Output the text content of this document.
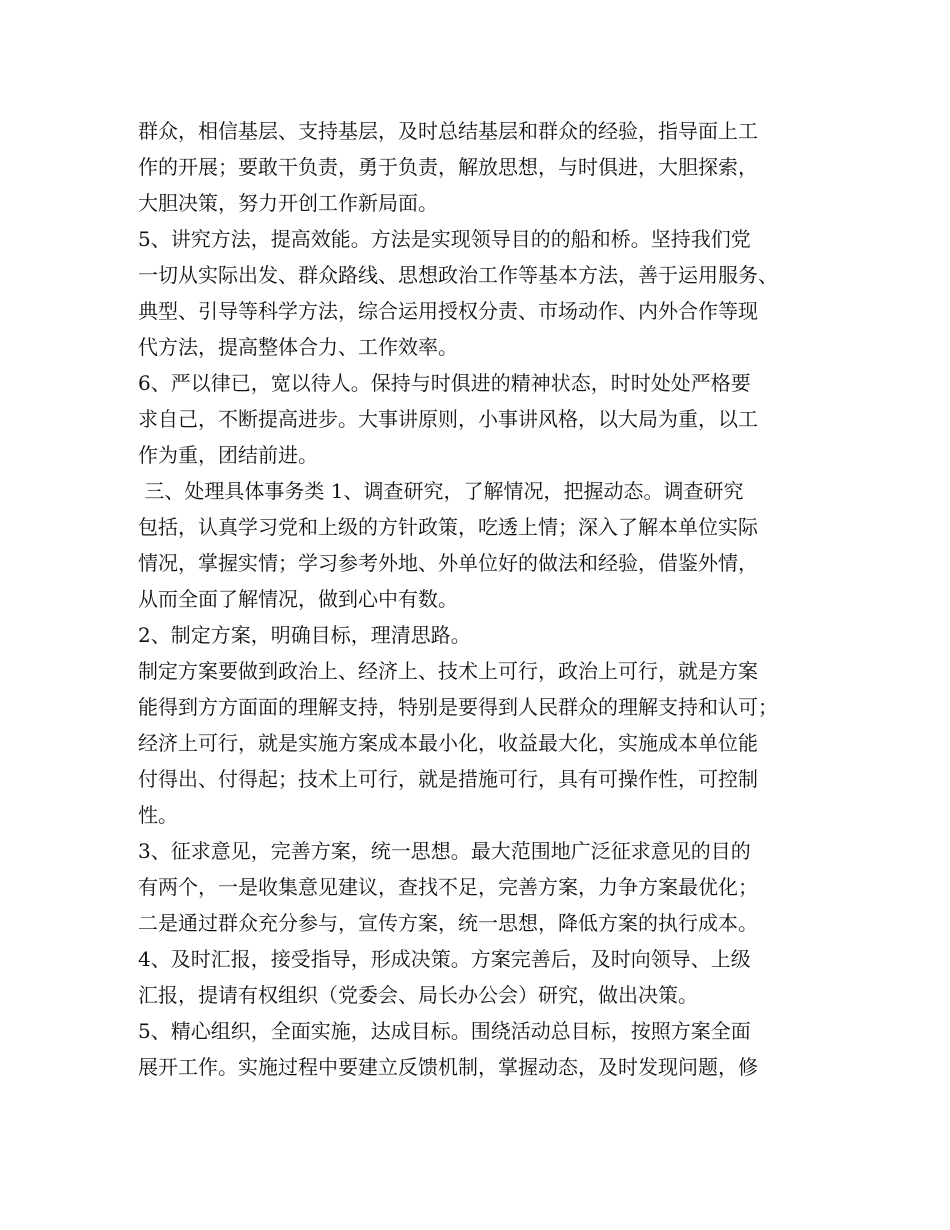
群众，相信基层、支持基层，及时总结基层和群众的经验，指导面上工
作的开展；要敢干负责，勇于负责，解放思想，与时俱进，大胆探索，
大胆决策，努力开创工作新局面。
5、讲究方法，提高效能。方法是实现领导目的的船和桥。坚持我们党
一切从实际出发、群众路线、思想政治工作等基本方法，善于运用服务、
典型、引导等科学方法，综合运用授权分责、市场动作、内外合作等现
代方法，提高整体合力、工作效率。
6、严以律已，宽以待人。保持与时俱进的精神状态，时时处处严格要
求自己，不断提高进步。大事讲原则，小事讲风格，以大局为重，以工
作为重，团结前进。
三、处理具体事务类 1、调查研究，了解情况，把握动态。调查研究
包括，认真学习党和上级的方针政策，吃透上情；深入了解本单位实际
情况，掌握实情；学习参考外地、外单位好的做法和经验，借鉴外情，
从而全面了解情况，做到心中有数。
2、制定方案，明确目标，理清思路。
制定方案要做到政治上、经济上、技术上可行，政治上可行，就是方案
能得到方方面面的理解支持，特别是要得到人民群众的理解支持和认可；
经济上可行，就是实施方案成本最小化，收益最大化，实施成本单位能
付得出、付得起；技术上可行，就是措施可行，具有可操作性，可控制
性。
3、征求意见，完善方案，统一思想。最大范围地广泛征求意见的目的
有两个，一是收集意见建议，查找不足，完善方案，力争方案最优化；
二是通过群众充分参与，宣传方案，统一思想，降低方案的执行成本。
4、及时汇报，接受指导，形成决策。方案完善后，及时向领导、上级
汇报，提请有权组织（党委会、局长办公会）研究，做出决策。
5、精心组织，全面实施，达成目标。围绕活动总目标，按照方案全面
展开工作。实施过程中要建立反馈机制，掌握动态，及时发现问题，修
